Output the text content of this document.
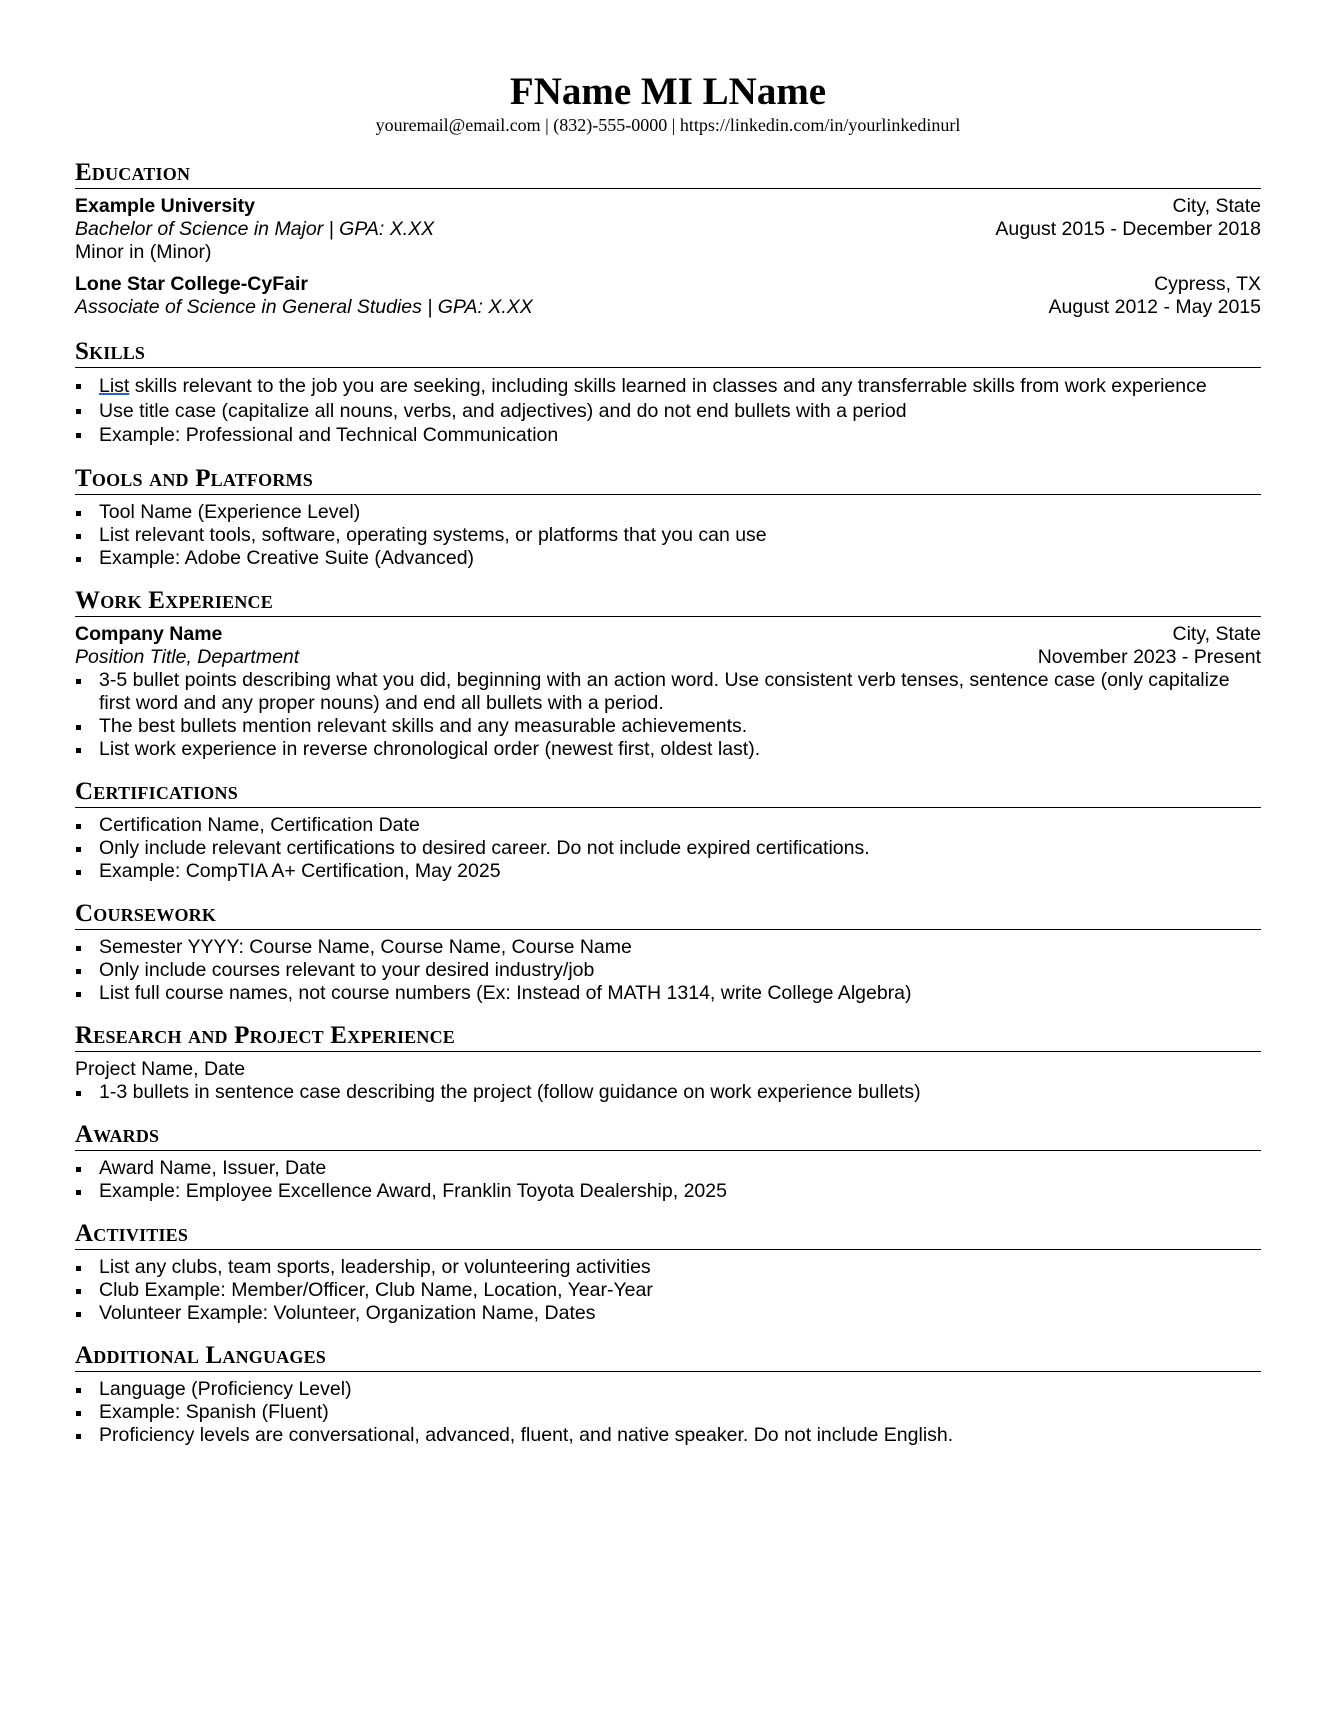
FName MI LName
youremail@email.com | (832)-555-0000 | https://linkedin.com/in/yourlinkedinurl
Education
Example University	City, State
Bachelor of Science in Major | GPA: X.XX	August 2015 - December 2018
Minor in (Minor)
Lone Star College-CyFair	Cypress, TX
Associate of Science in General Studies | GPA: X.XX	August 2012 - May 2015
Skills
List skills relevant to the job you are seeking, including skills learned in classes and any transferrable skills from work experience
Use title case (capitalize all nouns, verbs, and adjectives) and do not end bullets with a period
Example: Professional and Technical Communication
Tools and Platforms
Tool Name (Experience Level)
List relevant tools, software, operating systems, or platforms that you can use
Example: Adobe Creative Suite (Advanced)
Work Experience
Company Name	City, State
Position Title, Department	November 2023 - Present
3-5 bullet points describing what you did, beginning with an action word. Use consistent verb tenses, sentence case (only capitalize first word and any proper nouns) and end all bullets with a period.
The best bullets mention relevant skills and any measurable achievements.
List work experience in reverse chronological order (newest first, oldest last).
Certifications
Certification Name, Certification Date
Only include relevant certifications to desired career. Do not include expired certifications.
Example: CompTIA A+ Certification, May 2025
Coursework
Semester YYYY: Course Name, Course Name, Course Name
Only include courses relevant to your desired industry/job
List full course names, not course numbers (Ex: Instead of MATH 1314, write College Algebra)
Research and Project Experience
Project Name, Date
1-3 bullets in sentence case describing the project (follow guidance on work experience bullets)
Awards
Award Name, Issuer, Date
Example: Employee Excellence Award, Franklin Toyota Dealership, 2025
Activities
List any clubs, team sports, leadership, or volunteering activities
Club Example: Member/Officer, Club Name, Location, Year-Year
Volunteer Example: Volunteer, Organization Name, Dates
Additional Languages
Language (Proficiency Level)
Example: Spanish (Fluent)
Proficiency levels are conversational, advanced, fluent, and native speaker. Do not include English.
